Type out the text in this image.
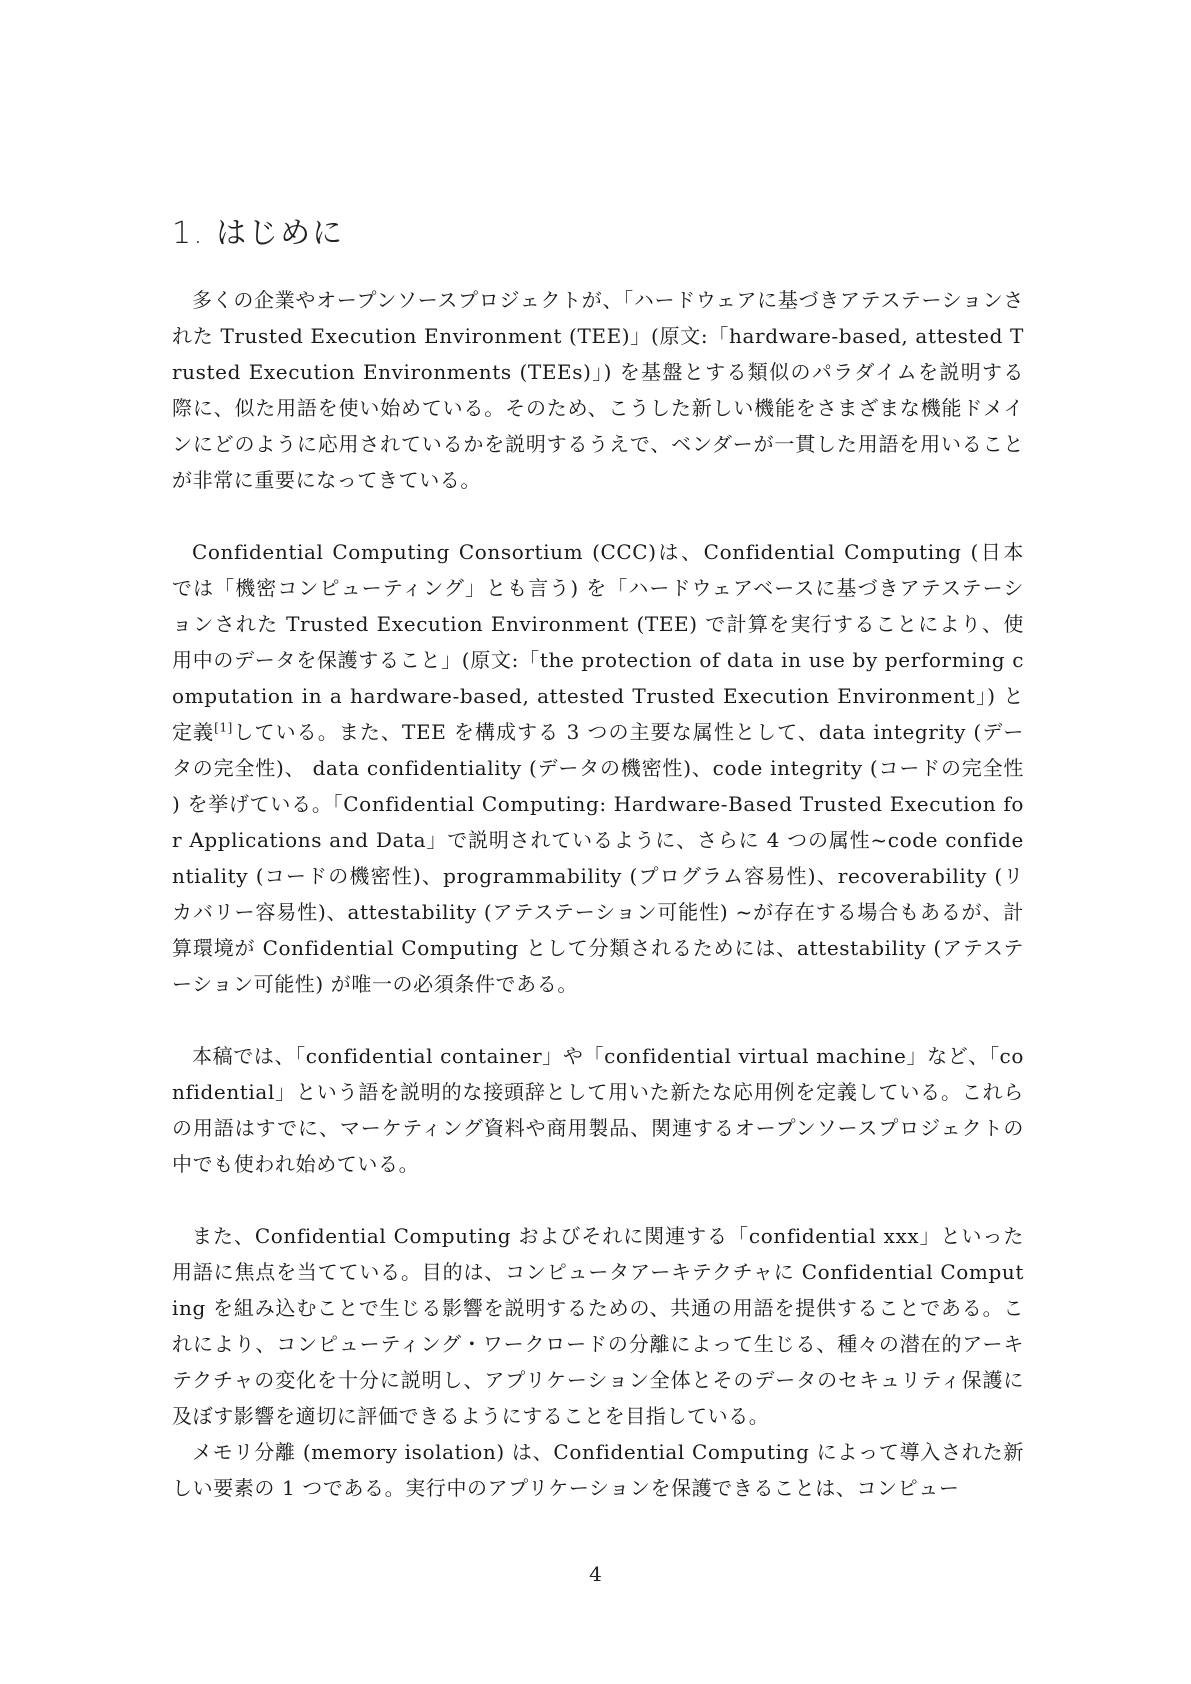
1. はじめに

多くの企業やオープンソースプロジェクトが、「ハードウェアに基づきアテステーションされた Trusted Execution Environment (TEE)」(原文:「hardware-based, attested Trusted Execution Environments (TEEs)」) を基盤とする類似のパラダイムを説明する際に、似た用語を使い始めている。そのため、こうした新しい機能をさまざまな機能ドメインにどのように応用されているかを説明するうえで、ベンダーが一貫した用語を用いることが非常に重要になってきている。

Confidential Computing Consortium (CCC)は、Confidential Computing (日本では「機密コンピューティング」とも言う) を「ハードウェアベースに基づきアテステーションされた Trusted Execution Environment (TEE) で計算を実行することにより、使用中のデータを保護すること」(原文:「the protection of data in use by performing computation in a hardware-based, attested Trusted Execution Environment」) と定義[1]している。また、TEE を構成する 3 つの主要な属性として、data integrity (データの完全性)、 data confidentiality (データの機密性)、code integrity (コードの完全性) を挙げている。「Confidential Computing: Hardware-Based Trusted Execution for Applications and Data」で説明されているように、さらに 4 つの属性~code confidentiality (コードの機密性)、programmability (プログラム容易性)、recoverability (リカバリー容易性)、attestability (アテステーション可能性) ~が存在する場合もあるが、計算環境が Confidential Computing として分類されるためには、attestability (アテステーション可能性) が唯一の必須条件である。

本稿では、「confidential container」や「confidential virtual machine」など、「confidential」という語を説明的な接頭辞として用いた新たな応用例を定義している。これらの用語はすでに、マーケティング資料や商用製品、関連するオープンソースプロジェクトの中でも使われ始めている。

また、Confidential Computing およびそれに関連する「confidential xxx」といった用語に焦点を当てている。目的は、コンピュータアーキテクチャに Confidential Computing を組み込むことで生じる影響を説明するための、共通の用語を提供することである。これにより、コンピューティング・ワークロードの分離によって生じる、種々の潜在的アーキテクチャの変化を十分に説明し、アプリケーション全体とそのデータのセキュリティ保護に及ぼす影響を適切に評価できるようにすることを目指している。

メモリ分離 (memory isolation) は、Confidential Computing によって導入された新しい要素の 1 つである。実行中のアプリケーションを保護できることは、コンピュー

4
